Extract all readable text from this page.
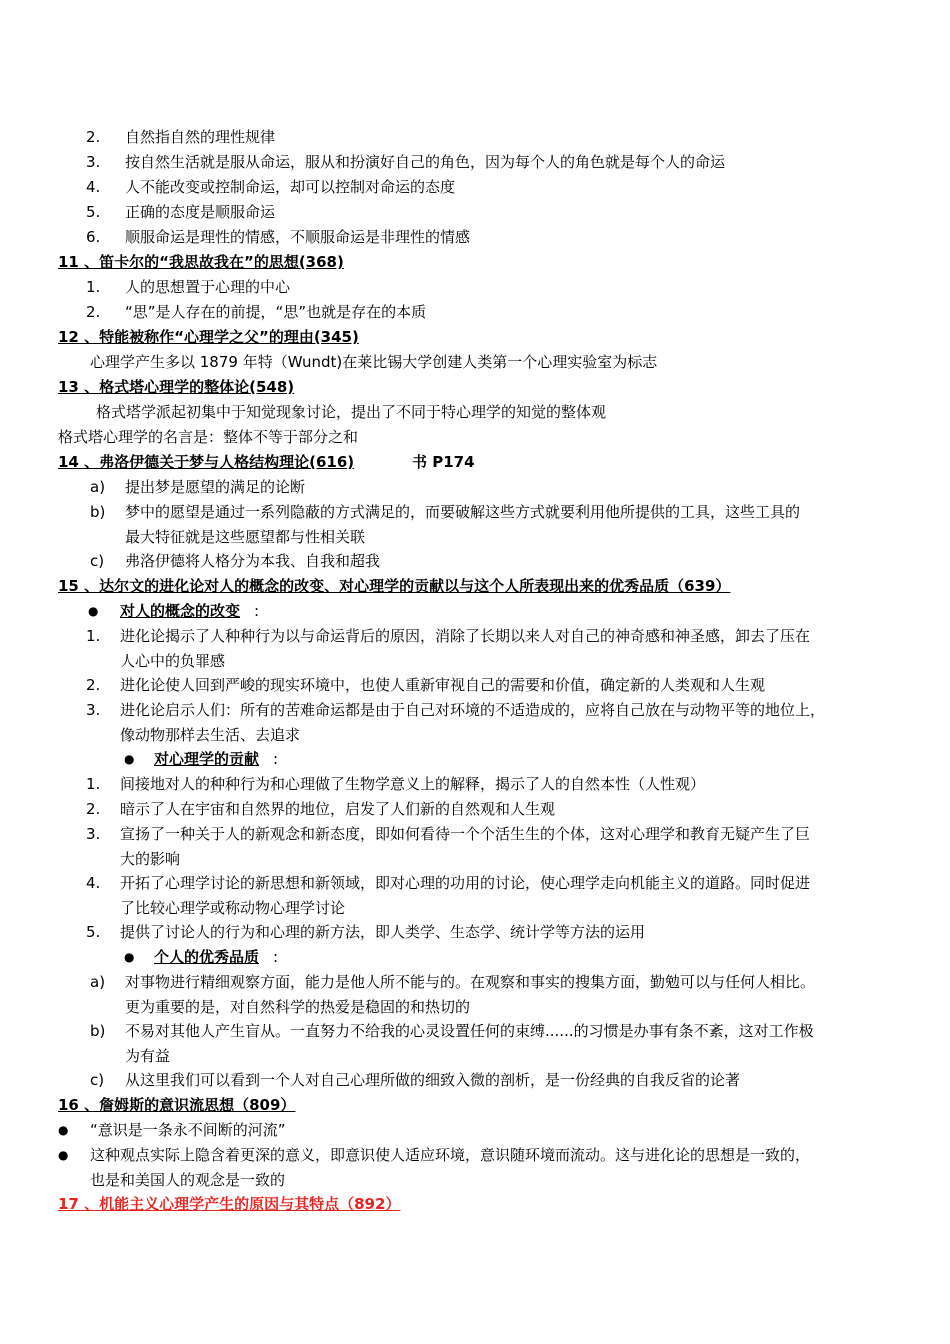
2. 自然指自然的理性规律
3. 按自然生活就是服从命运，服从和扮演好自己的角色，因为每个人的角色就是每个人的命运
4. 人不能改变或控制命运，却可以控制对命运的态度
5. 正确的态度是顺服命运
6. 顺服命运是理性的情感，不顺服命运是非理性的情感
11 、笛卡尔的“我思故我在”的思想(368)
1. 人的思想置于心理的中心
2. “思”是人存在的前提，“思”也就是存在的本质
12 、特能被称作“心理学之父”的理由(345)
心理学产生多以 1879 年特（Wundt)在莱比锡大学创建人类第一个心理实验室为标志
13 、格式塔心理学的整体论(548)
格式塔学派起初集中于知觉现象讨论，提出了不同于特心理学的知觉的整体观
格式塔心理学的名言是：整体不等于部分之和
14 、弗洛伊德关于梦与人格结构理论(616)	书 P174
a) 提出梦是愿望的满足的论断
b) 梦中的愿望是通过一系列隐蔽的方式满足的，而要破解这些方式就要利用他所提供的工具，这些工具的
最大特征就是这些愿望都与性相关联
c) 弗洛伊德将人格分为本我、自我和超我
15 、达尔文的进化论对人的概念的改变、对心理学的贡献以与这个人所表现出来的优秀品质（639）
● 对人的概念的改变 :
1. 进化论揭示了人种种行为以与命运背后的原因，消除了长期以来人对自己的神奇感和神圣感，卸去了压在
人心中的负罪感
2. 进化论使人回到严峻的现实环境中，也使人重新审视自己的需要和价值，确定新的人类观和人生观
3. 进化论启示人们：所有的苦难命运都是由于自己对环境的不适造成的，应将自己放在与动物平等的地位上，
像动物那样去生活、去追求
● 对心理学的贡献 :
1. 间接地对人的种种行为和心理做了生物学意义上的解释，揭示了人的自然本性（人性观）
2. 暗示了人在宇宙和自然界的地位，启发了人们新的自然观和人生观
3. 宣扬了一种关于人的新观念和新态度，即如何看待一个个活生生的个体，这对心理学和教育无疑产生了巨
大的影响
4. 开拓了心理学讨论的新思想和新领域，即对心理的功用的讨论，使心理学走向机能主义的道路。同时促进
了比较心理学或称动物心理学讨论
5. 提供了讨论人的行为和心理的新方法，即人类学、生态学、统计学等方法的运用
● 个人的优秀品质 :
a) 对事物进行精细观察方面，能力是他人所不能与的。在观察和事实的搜集方面，勤勉可以与任何人相比。
更为重要的是，对自然科学的热爱是稳固的和热切的
b) 不易对其他人产生盲从。一直努力不给我的心灵设置任何的束缚......的习惯是办事有条不紊，这对工作极
为有益
c) 从这里我们可以看到一个人对自己心理所做的细致入微的剖析，是一份经典的自我反省的论著
16 、詹姆斯的意识流思想（809）
● “意识是一条永不间断的河流”
● 这种观点实际上隐含着更深的意义，即意识使人适应环境，意识随环境而流动。这与进化论的思想是一致的，
也是和美国人的观念是一致的
17 、机能主义心理学产生的原因与其特点（892）
